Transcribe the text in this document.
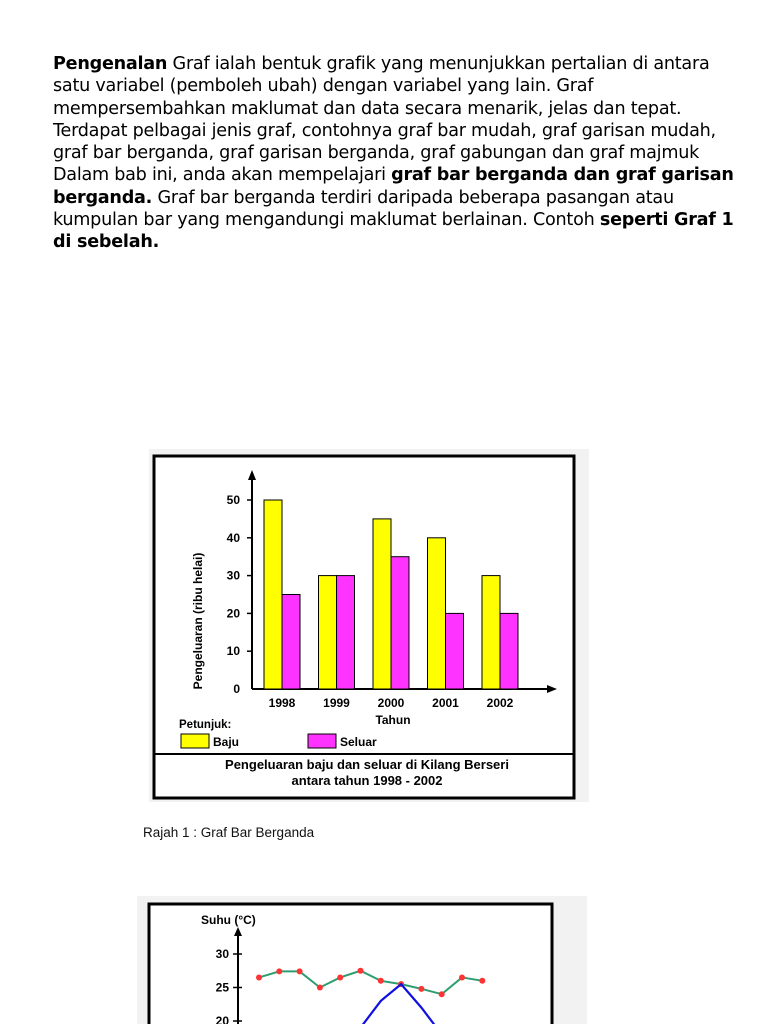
Pengenalan Graf ialah bentuk grafik yang menunjukkan pertalian di antara satu variabel (pemboleh ubah) dengan variabel yang lain. Graf mempersembahkan maklumat dan data secara menarik, jelas dan tepat. Terdapat pelbagai jenis graf, contohnya graf bar mudah, graf garisan mudah, graf bar berganda, graf garisan berganda, graf gabungan dan graf majmuk

Dalam bab ini, anda akan mempelajari graf bar berganda dan graf garisan berganda. Graf bar berganda terdiri daripada beberapa pasangan atau kumpulan bar yang mengandungi maklumat berlainan. Contoh seperti Graf 1 di sebelah.

0
10
20
30
40
50
1998 1999 2000 2001 2002
Pengeluaran (ribu helai)
Tahun
Petunjuk:
Baju	Seluar
Pengeluaran baju dan seluar di Kilang Berseri
antara tahun 1998 - 2002
Rajah 1 : Graf Bar Berganda
Suhu (°C)
30
25
20
